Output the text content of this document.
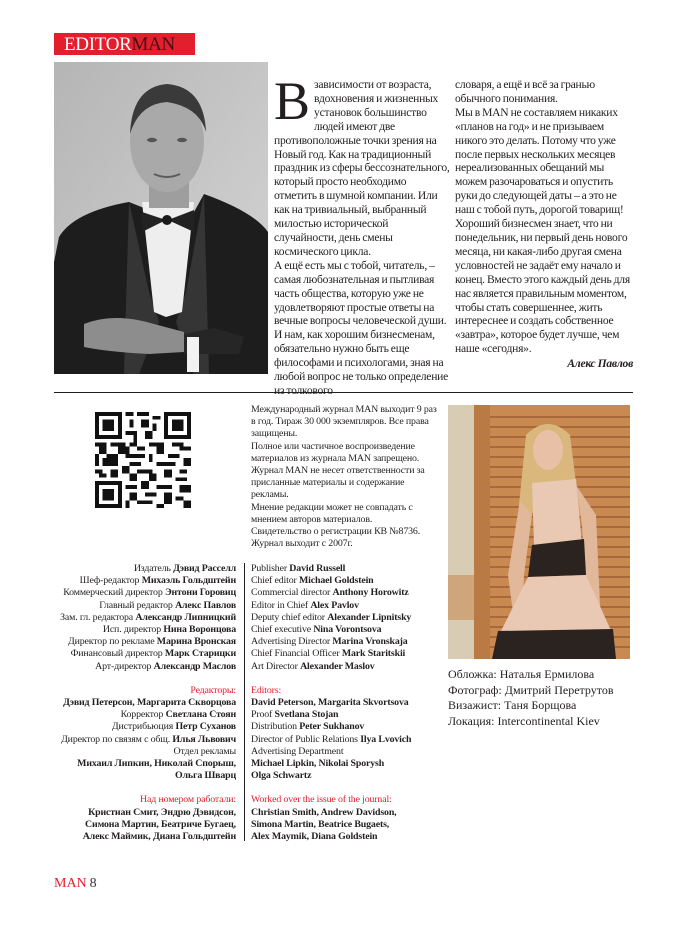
EDITOR MAN
В зависимости от возраста, вдохновения и жизненных установок большинство людей имеют две противоположные точки зрения на Новый год. Как на традиционный праздник из сферы бессознательного, который просто необходимо отметить в шумной компании. Или как на тривиальный, выбранный милостью исторической случайности, день смены космического цикла.
А ещё есть мы с тобой, читатель, – самая любознательная и пытливая часть общества, которую уже не удовлетворяют простые ответы на вечные вопросы человеческой души. И нам, как хорошим бизнесменам, обязательно нужно быть еще философами и психологами, зная на любой вопрос не только определение из толкового
словаря, а ещё и всё за гранью обычного понимания.
Мы в MAN не составляем никаких «планов на год» и не призываем никого это делать. Потому что уже после первых нескольких месяцев нереализованных обещаний мы можем разочароваться и опустить руки до следующей даты – а это не наш с тобой путь, дорогой товарищ! Хороший бизнесмен знает, что ни понедельник, ни первый день нового месяца, ни какая-либо другая смена условностей не задаёт ему начало и конец. Вместо этого каждый день для нас является правильным моментом, чтобы стать совершеннее, жить интереснее и создать собственное «завтра», которое будет лучше, чем наше «сегодня».
Алекс Павлов
Международный журнал MAN выходит 9 раз в год. Тираж 30 000 экземпляров. Все права защищены.
Полное или частичное воспроизведение материалов из журнала MAN запрещено. Журнал MAN не несет ответственности за присланные материалы и содержание рекламы.
Мнение редакции может не совпадать с мнением авторов материалов.
Свидетельство о регистрации КВ №8736. Журнал выходит с 2007г.
Обложка: Наталья Ермилова
Фотограф: Дмитрий Перетрутов
Визажист: Таня Борщова
Локация: Intercontinental Kiev
Издатель Дэвид Расселл
Шеф-редактор Михаэль Гольдштейн
Коммерческий директор Энтони Горовиц
Главный редактор Алекс Павлов
Зам. гл. редактора Александр Липницкий
Исп. директор Нина Воронцова
Директор по рекламе Марина Вронская
Финансовый директор Марк Старицки
Арт-директор Александр Маслов
Редакторы:
Дэвид Петерсон, Маргарита Скворцова
Корректор Светлана Стоян
Дистрибьюция Петр Суханов
Директор по связям с общ. Илья Львович
Отдел рекламы
Михаил Липкин, Николай Спорыш,
Ольга Шварц
Над номером работали:
Кристиан Смит, Эндрю Дэвидсон,
Симона Мартин, Беатриче Бугаец,
Алекс Маймик, Диана Гольдштейн
Publisher David Russell
Chief editor Michael Goldstein
Commercial director Anthony Horowitz
Editor in Chief Alex Pavlov
Deputy chief editor Alexander Lipnitsky
Chief executive Nina Vorontsova
Advertising Director Marina Vronskaja
Chief Financial Officer Mark Staritskii
Art Director Alexander Maslov
Editors:
David Peterson, Margarita Skvortsova
Proof Svetlana Stojan
Distribution Peter Sukhanov
Director of Public Relations Ilya Lvovich
Advertising Department
Michael Lipkin, Nikolai Sporysh
Olga Schwartz
Worked over the issue of the journal:
Christian Smith, Andrew Davidson,
Simona Martin, Beatrice Bugaets,
Alex Maymik, Diana Goldstein
MAN 8
